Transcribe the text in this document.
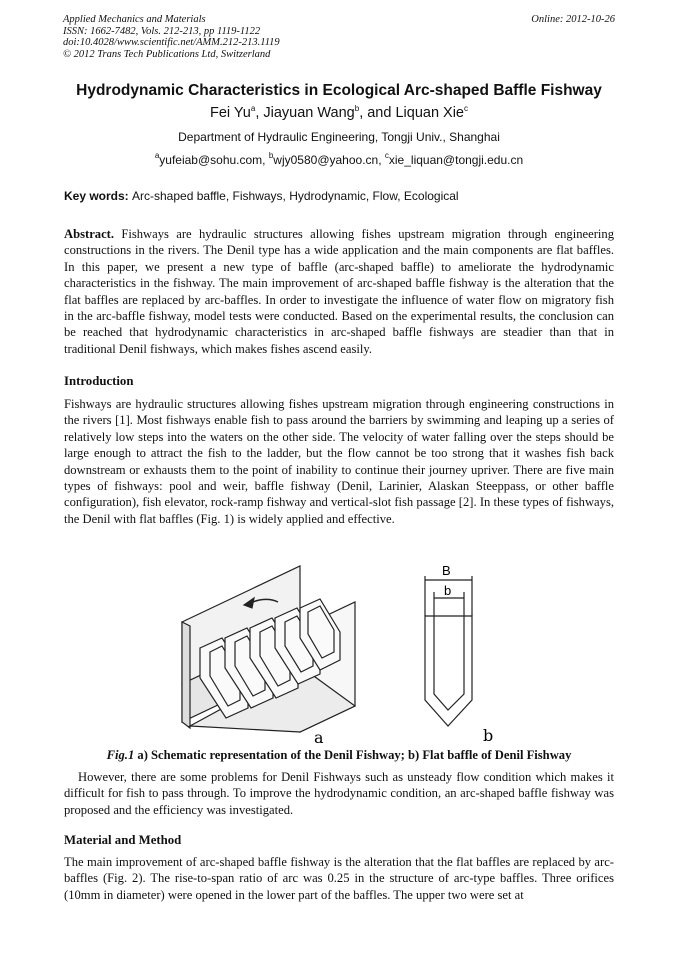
Applied Mechanics and Materials
ISSN: 1662-7482, Vols. 212-213, pp 1119-1122
doi:10.4028/www.scientific.net/AMM.212-213.1119
© 2012 Trans Tech Publications Ltd, Switzerland
Online: 2012-10-26
Hydrodynamic Characteristics in Ecological Arc-shaped Baffle Fishway
Fei Yu$^a$, Jiayuan Wang$^b$, and Liquan Xie$^c$
Department of Hydraulic Engineering, Tongji Univ., Shanghai
$^a$yufeiab@sohu.com, $^b$wjy0580@yahoo.cn, $^c$xie_liquan@tongji.edu.cn
Key words: Arc-shaped baffle, Fishways, Hydrodynamic, Flow, Ecological
Abstract. Fishways are hydraulic structures allowing fishes upstream migration through engineering constructions in the rivers. The Denil type has a wide application and the main components are flat baffles. In this paper, we present a new type of baffle (arc-shaped baffle) to ameliorate the hydrodynamic characteristics in the fishway. The main improvement of arc-shaped baffle fishway is the alteration that the flat baffles are replaced by arc-baffles. In order to investigate the influence of water flow on migratory fish in the arc-baffle fishway, model tests were conducted. Based on the experimental results, the conclusion can be reached that hydrodynamic characteristics in arc-shaped baffle fishways are steadier than that in traditional Denil fishways, which makes fishes ascend easily.
Introduction
Fishways are hydraulic structures allowing fishes upstream migration through engineering constructions in the rivers [1]. Most fishways enable fish to pass around the barriers by swimming and leaping up a series of relatively low steps into the waters on the other side. The velocity of water falling over the steps should be large enough to attract the fish to the ladder, but the flow cannot be too strong that it washes fish back downstream or exhausts them to the point of inability to continue their journey upriver. There are five main types of fishways: pool and weir, baffle fishway (Denil, Larinier, Alaskan Steeppass, or other baffle configuration), fish elevator, rock-ramp fishway and vertical-slot fish passage [2]. In these types of fishways, the Denil with flat baffles (Fig. 1) is widely applied and effective.
B
b
a	b
Fig.1 a) Schematic representation of the Denil Fishway; b) Flat baffle of Denil Fishway
However, there are some problems for Denil Fishways such as unsteady flow condition which makes it difficult for fish to pass through. To improve the hydrodynamic condition, an arc-shaped baffle fishway was proposed and the efficiency was investigated.
Material and Method
The main improvement of arc-shaped baffle fishway is the alteration that the flat baffles are replaced by arc-baffles (Fig. 2). The rise-to-span ratio of arc was 0.25 in the structure of arc-type baffles. Three orifices (10mm in diameter) were opened in the lower part of the baffles. The upper two were set at
